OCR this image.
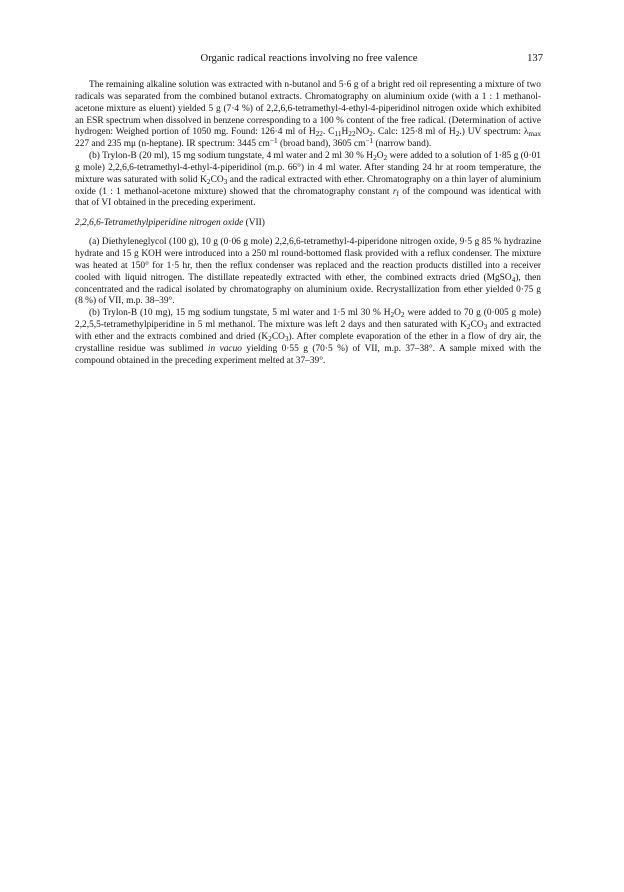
Organic radical reactions involving no free valence	137

The remaining alkaline solution was extracted with n-butanol and 5·6 g of a bright red oil representing a mixture of two radicals was separated from the combined butanol extracts. Chromatography on aluminium oxide (with a 1 : 1 methanol-acetone mixture as eluent) yielded 5 g (7·4 %) of 2,2,6,6-tetramethyl-4-ethyl-4-piperidinol nitrogen oxide which exhibited an ESR spectrum when dissolved in benzene corresponding to a 100 % content of the free radical. (Determination of active hydrogen: Weighed portion of 1050 mg. Found: 126·4 ml of $H_{22}$. $C_{11}H_{22}NO_2$. Calc: 125·8 ml of $H_2$.) UV spectrum: $\lambda_{max}$ 227 and 235 mμ (n-heptane). IR spectrum: 3445 $cm^{-1}$ (broad band), 3605 $cm^{-1}$ (narrow band).

(b) Trylon-B (20 ml), 15 mg sodium tungstate, 4 ml water and 2 ml 30 % $H_2O_2$ were added to a solution of 1·85 g (0·01 g mole) 2,2,6,6-tetramethyl-4-ethyl-4-piperidinol (m.p. 66°) in 4 ml water. After standing 24 hr at room temperature, the mixture was saturated with solid $K_2CO_3$ and the radical extracted with ether. Chromatography on a thin layer of aluminium oxide (1 : 1 methanol-acetone mixture) showed that the chromatography constant $r_f$ of the compound was identical with that of VI obtained in the preceding experiment.

2,2,6,6-Tetramethylpiperidine nitrogen oxide (VII)

(a) Diethyleneglycol (100 g), 10 g (0·06 g mole) 2,2,6,6-tetramethyl-4-piperidone nitrogen oxide, 9·5 g 85 % hydrazine hydrate and 15 g KOH were introduced into a 250 ml round-bottomed flask provided with a reflux condenser. The mixture was heated at 150° for 1·5 hr, then the reflux condenser was replaced and the reaction products distilled into a receiver cooled with liquid nitrogen. The distillate repeatedly extracted with ether, the combined extracts dried (MgSO$_4$), then concentrated and the radical isolated by chromatography on aluminium oxide. Recrystallization from ether yielded 0·75 g (8 %) of VII, m.p. 38–39°.

(b) Trylon-B (10 mg), 15 mg sodium tungstate, 5 ml water and 1·5 ml 30 % $H_2O_2$ were added to 70 g (0·005 g mole) 2,2,5,5-tetramethylpiperidine in 5 ml methanol. The mixture was left 2 days and then saturated with $K_2CO_3$ and extracted with ether and the extracts combined and dried $(K_2CO_3)$. After complete evaporation of the ether in a flow of dry air, the crystalline residue was sublimed in vacuo yielding 0·55 g (70·5 %) of VII, m.p. 37–38°. A sample mixed with the compound obtained in the preceding experiment melted at 37–39°.
